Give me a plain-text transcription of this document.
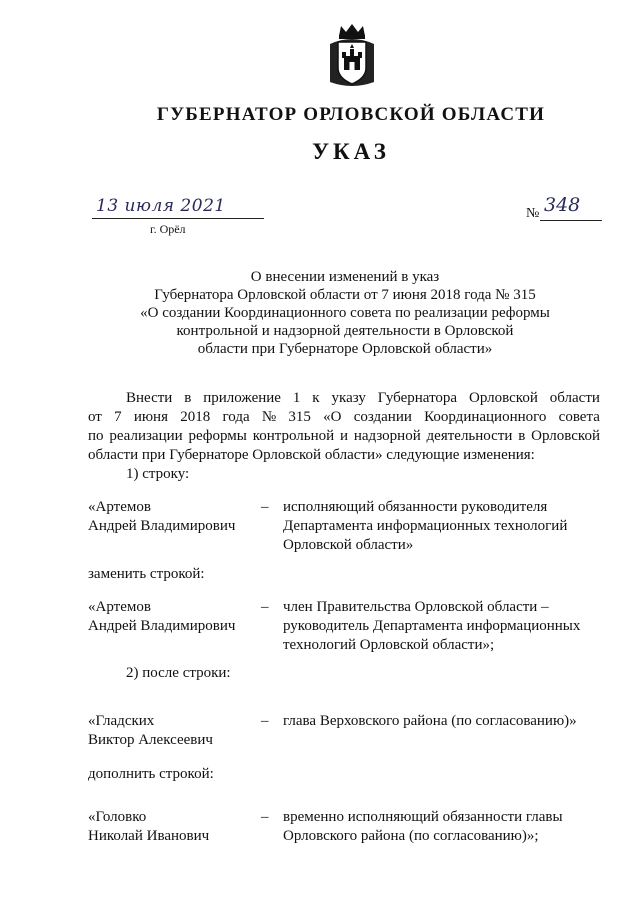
ГУБЕРНАТОР ОРЛОВСКОЙ ОБЛАСТИ
УКАЗ
13 июля 2021
г. Орёл
№ 348
О внесении изменений в указ
Губернатора Орловской области от 7 июня 2018 года № 315
«О создании Координационного совета по реализации реформы
контрольной и надзорной деятельности в Орловской
области при Губернаторе Орловской области»
Внести в приложение 1 к указу Губернатора Орловской области
от 7 июня 2018 года № 315 «О создании Координационного совета
по реализации реформы контрольной и надзорной деятельности в Орловской
области при Губернаторе Орловской области» следующие изменения:
1) строку:
«Артемов
Андрей Владимирович
– исполняющий обязанности руководителя
Департамента информационных технологий
Орловской области»
заменить строкой:
«Артемов
Андрей Владимирович
– член Правительства Орловской области –
руководитель Департамента информационных
технологий Орловской области»;
2) после строки:
«Гладских
Виктор Алексеевич
– глава Верховского района (по согласованию)»
дополнить строкой:
«Головко
Николай Иванович
– временно исполняющий обязанности главы
Орловского района (по согласованию)»;
